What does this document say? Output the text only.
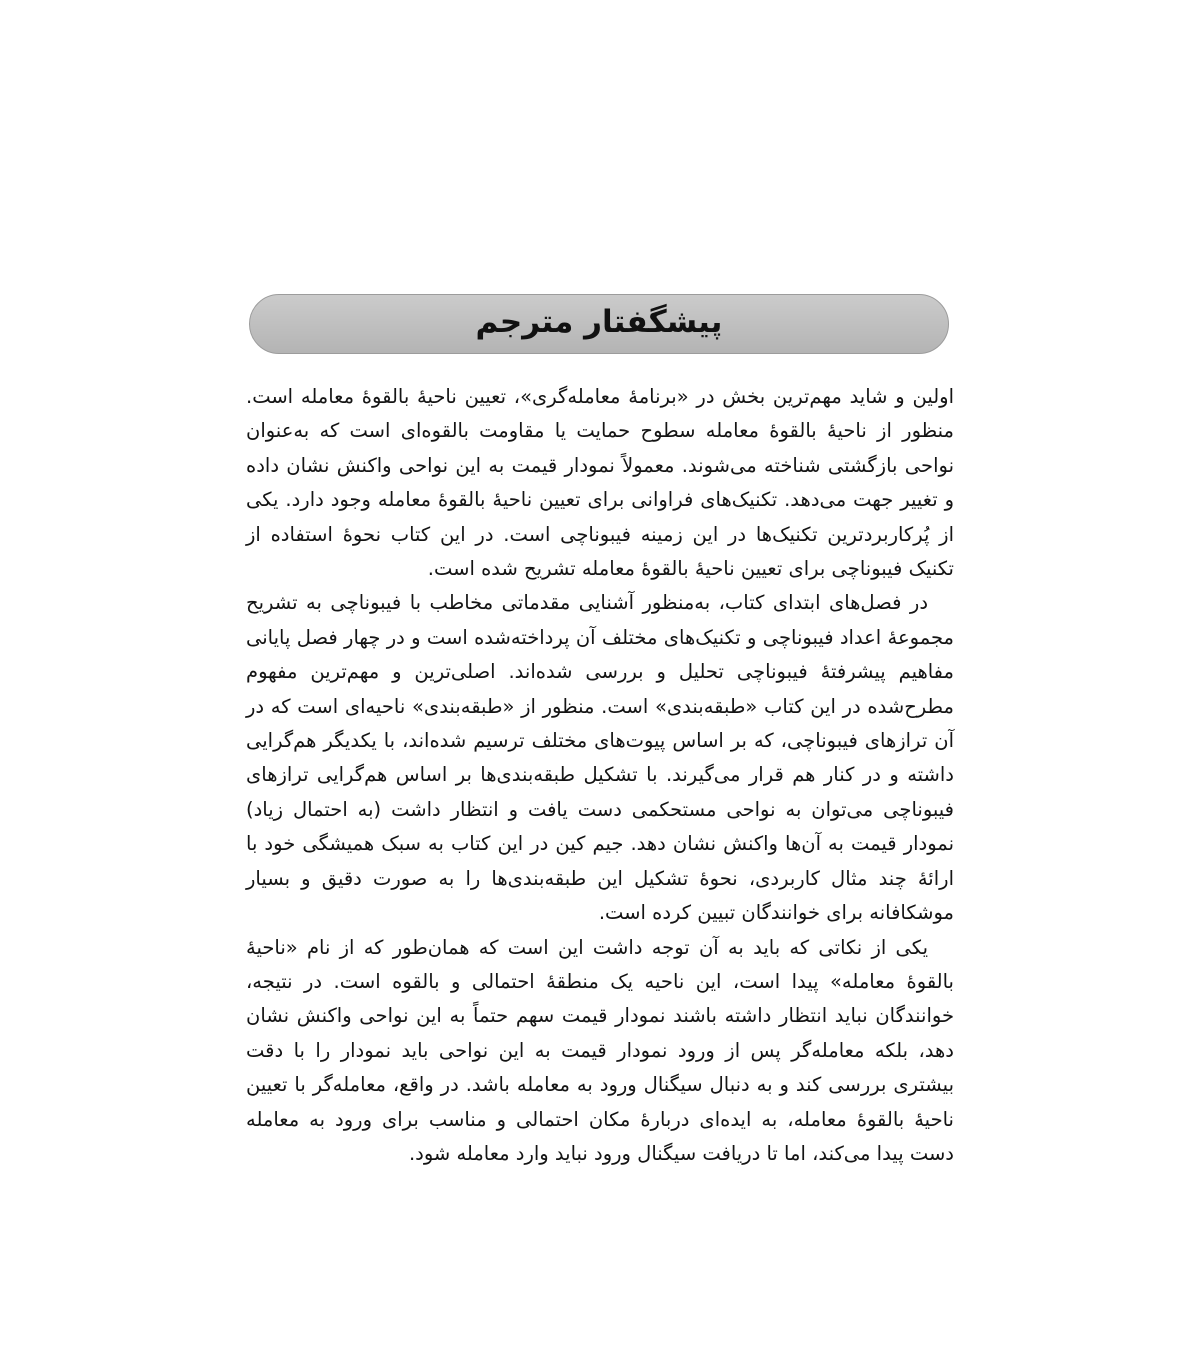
پیشگفتار مترجم

اولین و شاید مهم‌ترین بخش در «برنامهٔ معامله‌گری»، تعیین ناحیهٔ بالقوهٔ معامله است. منظور از ناحیهٔ بالقوهٔ معامله سطوح حمایت یا مقاومت بالقوه‌ای است که به‌عنوان نواحی بازگشتی شناخته می‌شوند. معمولاً نمودار قیمت به این نواحی واکنش نشان داده و تغییر جهت می‌دهد. تکنیک‌های فراوانی برای تعیین ناحیهٔ بالقوهٔ معامله وجود دارد. یکی از پُرکاربردترین تکنیک‌ها در این زمینه فیبوناچی است. در این کتاب نحوهٔ استفاده از تکنیک فیبوناچی برای تعیین ناحیهٔ بالقوهٔ معامله تشریح شده است.

در فصل‌های ابتدای کتاب، به‌منظور آشنایی مقدماتی مخاطب با فیبوناچی به تشریح مجموعهٔ اعداد فیبوناچی و تکنیک‌های مختلف آن پرداخته‌شده است و در چهار فصل پایانی مفاهیم پیشرفتهٔ فیبوناچی تحلیل و بررسی شده‌اند. اصلی‌ترین و مهم‌ترین مفهوم مطرح‌شده در این کتاب «طبقه‌بندی» است. منظور از «طبقه‌بندی» ناحیه‌ای است که در آن ترازهای فیبوناچی، که بر اساس پیوت‌های مختلف ترسیم شده‌اند، با یکدیگر هم‌گرایی داشته و در کنار هم قرار می‌گیرند. با تشکیل طبقه‌بندی‌ها بر اساس هم‌گرایی ترازهای فیبوناچی می‌توان به نواحی مستحکمی دست یافت و انتظار داشت (به احتمال زیاد) نمودار قیمت به آن‌ها واکنش نشان دهد. جیم کین در این کتاب به سبک همیشگی خود با ارائهٔ چند مثال کاربردی، نحوهٔ تشکیل این طبقه‌بندی‌ها را به صورت دقیق و بسیار موشکافانه برای خوانندگان تبیین کرده است.

یکی از نکاتی که باید به آن توجه داشت این است که همان‌طور که از نام «ناحیهٔ بالقوهٔ معامله» پیدا است، این ناحیه یک منطقهٔ احتمالی و بالقوه است. در نتیجه، خوانندگان نباید انتظار داشته باشند نمودار قیمت سهم حتماً به این نواحی واکنش نشان دهد، بلکه معامله‌گر پس از ورود نمودار قیمت به این نواحی باید نمودار را با دقت بیشتری بررسی کند و به دنبال سیگنال ورود به معامله باشد. در واقع، معامله‌گر با تعیین ناحیهٔ بالقوهٔ معامله، به ایده‌ای دربارهٔ مکان احتمالی و مناسب برای ورود به معامله دست پیدا می‌کند، اما تا دریافت سیگنال ورود نباید وارد معامله شود.
